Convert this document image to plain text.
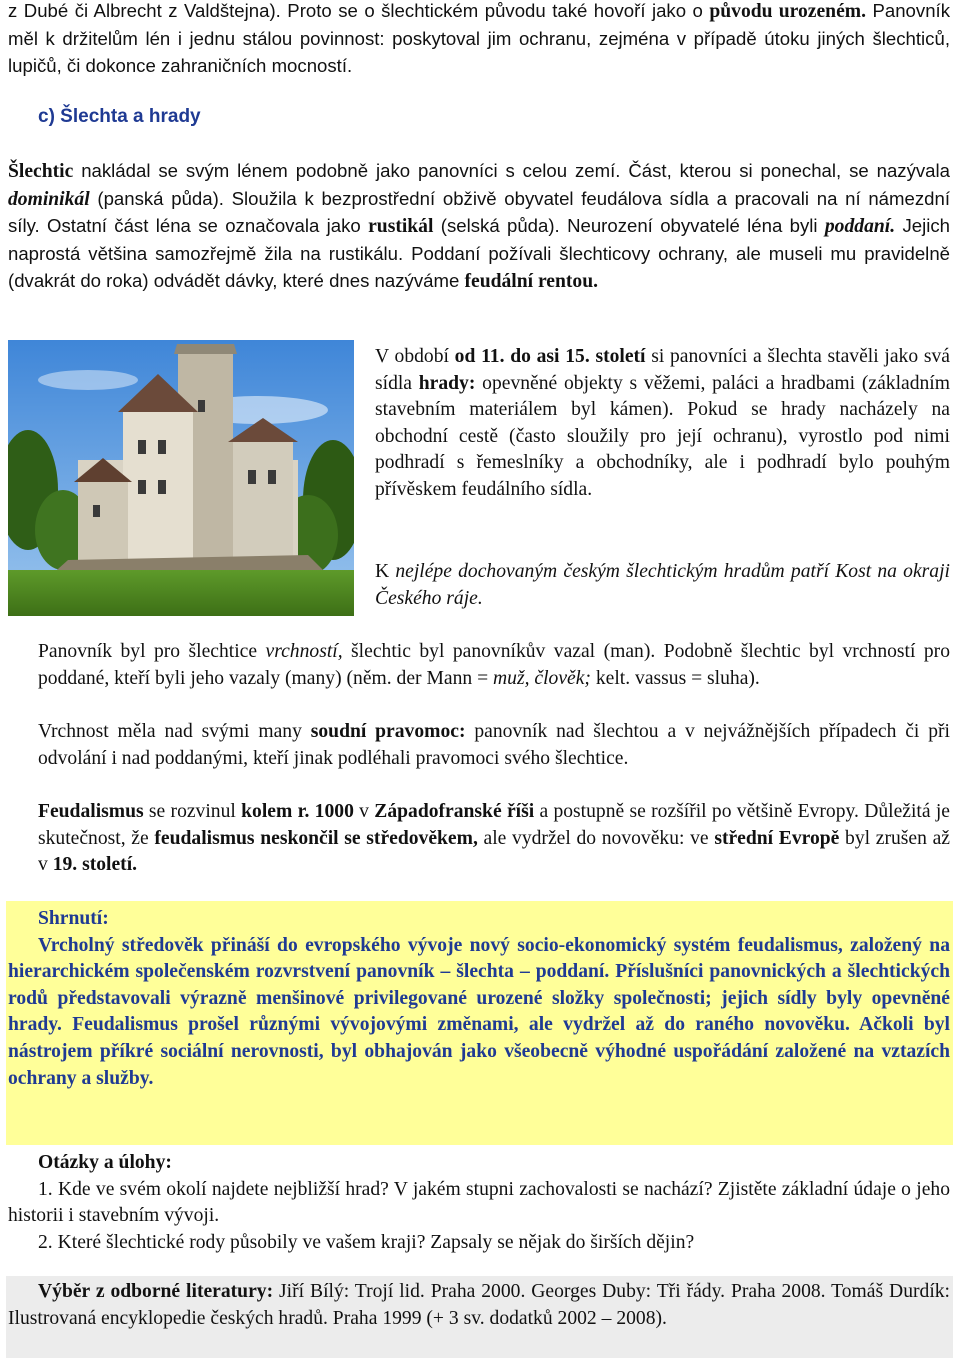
z Dubé či Albrecht z Valdštejna). Proto se o šlechtickém původu také hovoří jako o původu urozeném. Panovník měl k držitelům lén i jednu stálou povinnost: poskytoval jim ochranu, zejména v případě útoku jiných šlechticů, lupičů, či dokonce zahraničních mocností.

c) Šlechta a hrady

Šlechtic nakládal se svým lénem podobně jako panovníci s celou zemí. Část, kterou si ponechal, se nazývala dominikál (panská půda). Sloužila k bezprostřední obživě obyvatel feudálova sídla a pracovali na ní námezdní síly. Ostatní část léna se označovala jako rustikál (selská půda). Neurození obyvatelé léna byli poddaní. Jejich naprostá většina samozřejmě žila na rustikálu. Poddaní požívali šlechticovy ochrany, ale museli mu pravidelně (dvakrát do roka) odvádět dávky, které dnes nazýváme feudální rentou.

V období od 11. do asi 15. století si panovníci a šlechta stavěli jako svá sídla hrady: opevněné objekty s věžemi, paláci a hradbami (základním stavebním materiálem byl kámen). Pokud se hrady nacházely na obchodní cestě (často sloužily pro její ochranu), vyrostlo pod nimi podhradí s řemeslníky a obchodníky, ale i podhradí bylo pouhým přívěskem feudálního sídla.

K nejlépe dochovaným českým šlechtickým hradům patří Kost na okraji Českého ráje.

Panovník byl pro šlechtice vrchností, šlechtic byl panovníkův vazal (man). Podobně šlechtic byl vrchností pro poddané, kteří byli jeho vazaly (many) (něm. der Mann = muž, člověk; kelt. vassus = sluha).

Vrchnost měla nad svými many soudní pravomoc: panovník nad šlechtou a v nejvážnějších případech či při odvolání i nad poddanými, kteří jinak podléhali pravomoci svého šlechtice.

Feudalismus se rozvinul kolem r. 1000 v Západofranské říši a postupně se rozšířil po většině Evropy. Důležitá je skutečnost, že feudalismus neskončil se středověkem, ale vydržel do novověku: ve střední Evropě byl zrušen až v 19. století.

Shrnutí:
Vrcholný středověk přináší do evropského vývoje nový socio-ekonomický systém feudalismus, založený na hierarchickém společenském rozvrstvení panovník – šlechta – poddaní. Příslušníci panovnických a šlechtických rodů představovali výrazně menšinové privilegované urozené složky společnosti; jejich sídly byly opevněné hrady. Feudalismus prošel různými vývojovými změnami, ale vydržel až do raného novověku. Ačkoli byl nástrojem příkré sociální nerovnosti, byl obhajován jako všeobecně výhodné uspořádání založené na vztazích ochrany a služby.

Otázky a úlohy:
1. Kde ve svém okolí najdete nejbližší hrad? V jakém stupni zachovalosti se nachází? Zjistěte základní údaje o jeho historii i stavebním vývoji.
2. Které šlechtické rody působily ve vašem kraji? Zapsaly se nějak do širších dějin?

Výběr z odborné literatury: Jiří Bílý: Trojí lid. Praha 2000. Georges Duby: Tři řády. Praha 2008. Tomáš Durdík: Ilustrovaná encyklopedie českých hradů. Praha 1999 (+ 3 sv. dodatků 2002 – 2008).
